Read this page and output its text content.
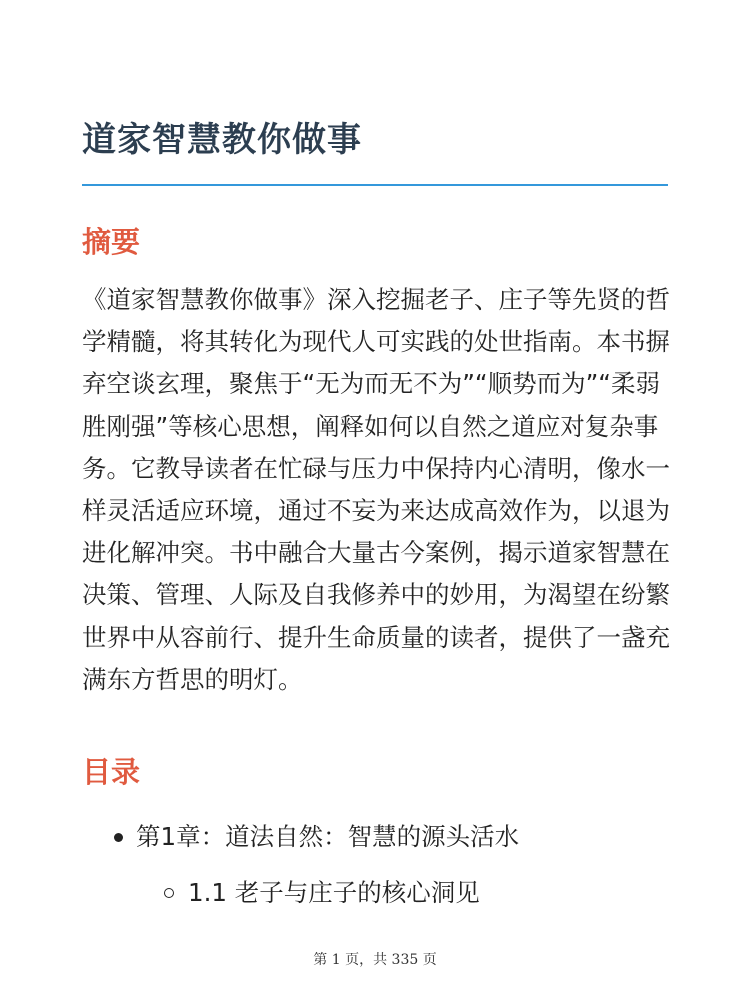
道家智慧教你做事
摘要

《道家智慧教你做事》深入挖掘老子、庄子等先贤的哲学精髓，将其转化为现代人可实践的处世指南。本书摒弃空谈玄理，聚焦于“无为而无不为”“顺势而为”“柔弱胜刚强”等核心思想，阐释如何以自然之道应对复杂事务。它教导读者在忙碌与压力中保持内心清明，像水一样灵活适应环境，通过不妄为来达成高效作为，以退为进化解冲突。书中融合大量古今案例，揭示道家智慧在决策、管理、人际及自我修养中的妙用，为渴望在纷繁世界中从容前行、提升生命质量的读者，提供了一盏充满东方哲思的明灯。

目录
第1章：道法自然：智慧的源头活水
1.1 老子与庄子的核心洞见
第 1 页，共 335 页
